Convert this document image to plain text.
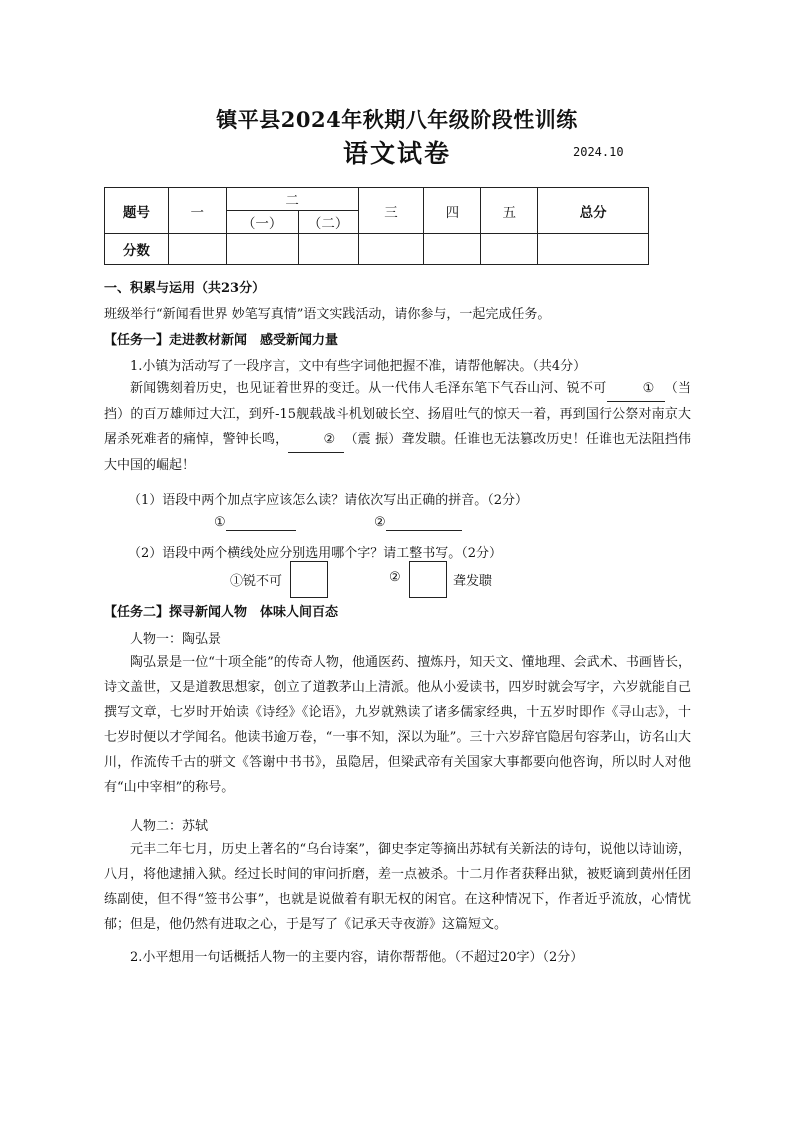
镇平县2024年秋期八年级阶段性训练
语文试卷	2024.10
题号	一	二		三	四	五	总分
		（一）	（二）				
分数							
一、积累与运用（共23分）
班级举行“新闻看世界 妙笔写真情”语文实践活动，请你参与，一起完成任务。
【任务一】走进教材新闻　感受新闻力量
1.小镇为活动写了一段序言，文中有些字词他把握不准，请帮他解决。（共4分）
新闻镌刻着历史，也见证着世界的变迁。从一代伟人毛泽东笔下气吞山河、锐不可	① （当挡）的百万雄师过大江，到歼-15舰载战斗机划破长空、扬眉吐气的惊天一着，再到国行公祭对南京大屠杀死难者的痛悼，警钟长鸣，	② （震 振）聋发聩。任谁也无法篡改历史！任谁也无法阻挡伟大中国的崛起！
（1）语段中两个加点字应该怎么读？请依次写出正确的拼音。（2分）
①	②
（2）语段中两个横线处应分别选用哪个字？请工整书写。（2分）
①锐不可	②	聋发聩
【任务二】探寻新闻人物　体味人间百态
人物一：陶弘景
陶弘景是一位“十项全能”的传奇人物，他通医药、擅炼丹，知天文、懂地理、会武术、书画皆长，诗文盖世，又是道教思想家，创立了道教茅山上清派。他从小爱读书，四岁时就会写字，六岁就能自己撰写文章，七岁时开始读《诗经》《论语》，九岁就熟读了诸多儒家经典，十五岁时即作《寻山志》，十七岁时便以才学闻名。他读书逾万卷，“一事不知，深以为耻”。三十六岁辞官隐居句容茅山，访名山大川，作流传千古的骈文《答谢中书书》，虽隐居，但梁武帝有关国家大事都要向他咨询，所以时人对他有“山中宰相”的称号。
人物二：苏轼
元丰二年七月，历史上著名的“乌台诗案”，御史李定等摘出苏轼有关新法的诗句，说他以诗讪谤，八月，将他逮捕入狱。经过长时间的审问折磨，差一点被杀。十二月作者获释出狱，被贬谪到黄州任团练副使，但不得“签书公事”，也就是说做着有职无权的闲官。在这种情况下，作者近乎流放，心情忧郁；但是，他仍然有进取之心，于是写了《记承天寺夜游》这篇短文。
2.小平想用一句话概括人物一的主要内容，请你帮帮他。（不超过20字）（2分）
